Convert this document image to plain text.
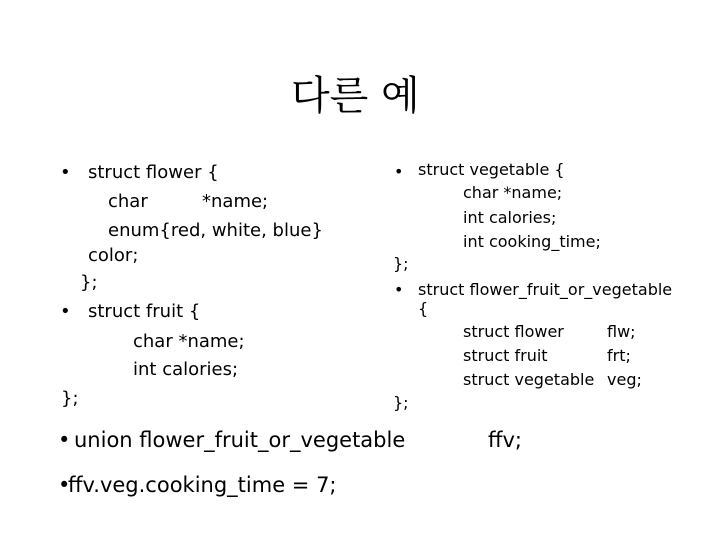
다른 예
• struct flower {
char	*name;
enum{red, white, blue}
color;
};
• struct fruit {
char *name;
int calories;
};
• struct vegetable {
char *name;
int calories;
int cooking_time;
};
• struct flower_fruit_or_vegetable
{
struct flower	flw;
struct fruit	frt;
struct vegetable veg;
};
• union flower_fruit_or_vegetable	ffv;
•
ffv.veg.cooking_time = 7;
